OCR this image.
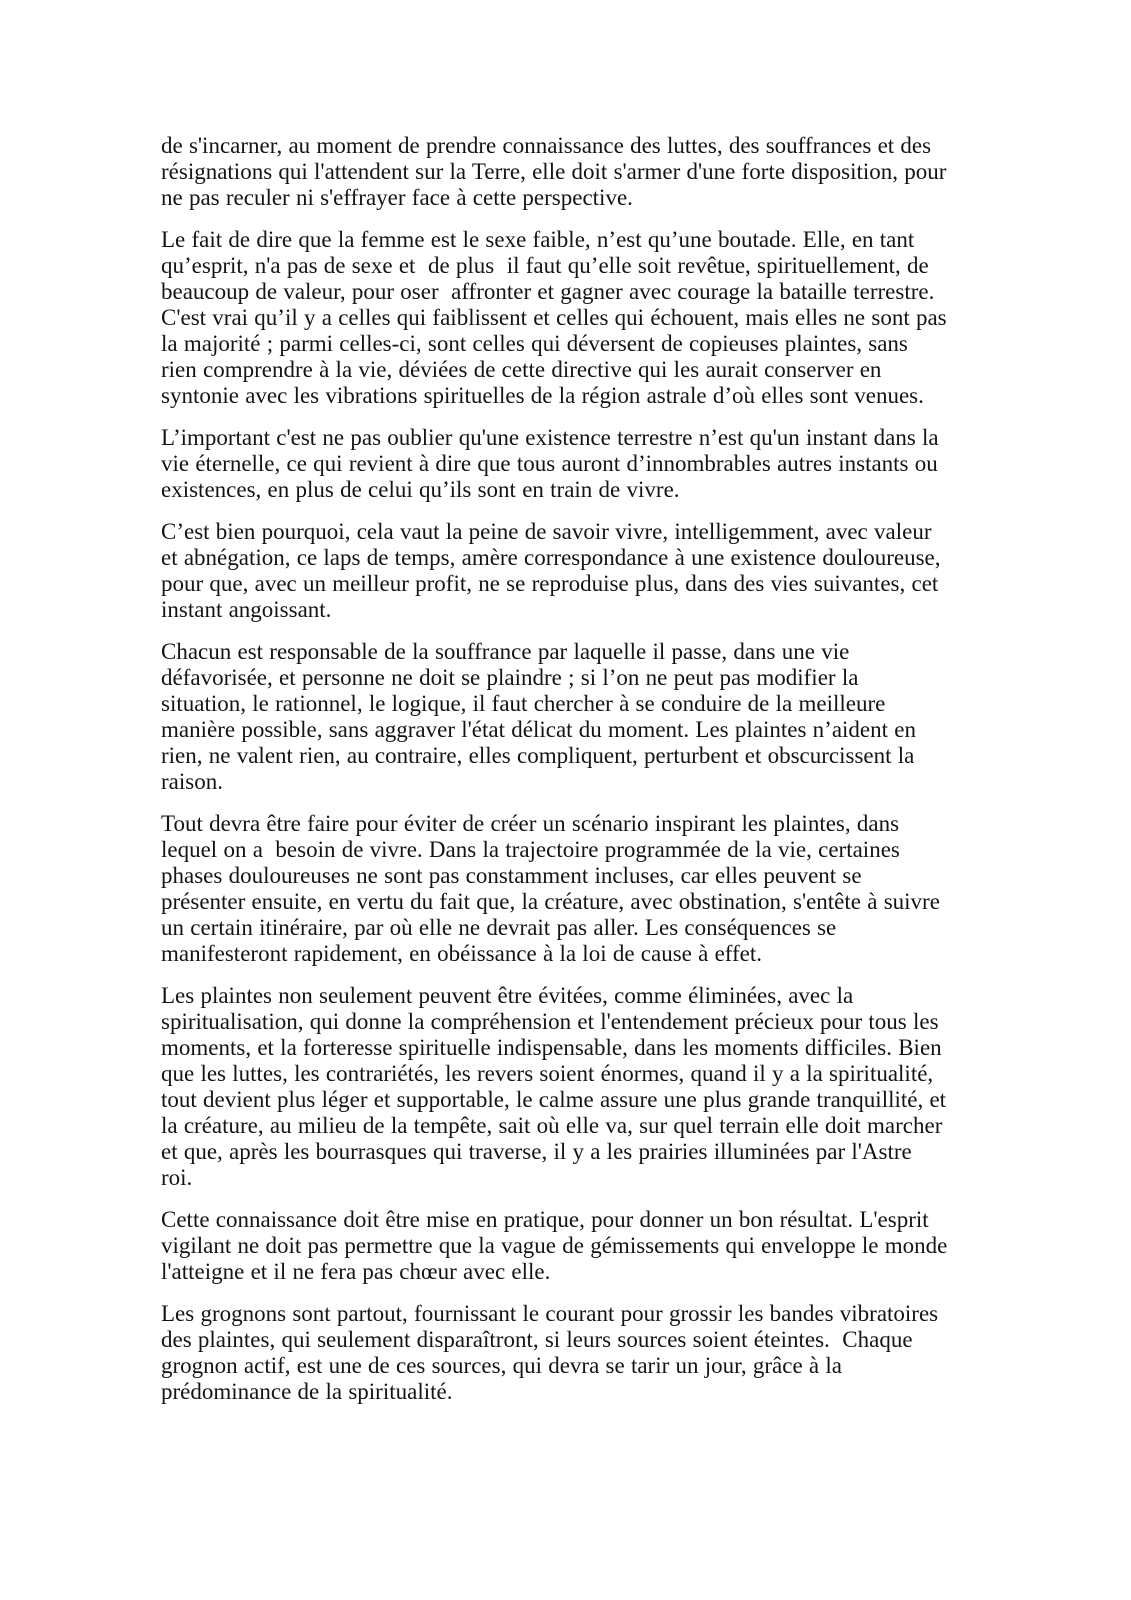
de s'incarner, au moment de prendre connaissance des luttes, des souffrances et des résignations qui l'attendent sur la Terre, elle doit s'armer d'une forte disposition, pour ne pas reculer ni s'effrayer face à cette perspective.

Le fait de dire que la femme est le sexe faible, n’est qu’une boutade. Elle, en tant qu’esprit, n'a pas de sexe et  de plus  il faut qu’elle soit revêtue, spirituellement, de beaucoup de valeur, pour oser  affronter et gagner avec courage la bataille terrestre. C'est vrai qu’il y a celles qui faiblissent et celles qui échouent, mais elles ne sont pas la majorité ; parmi celles-ci, sont celles qui déversent de copieuses plaintes, sans rien comprendre à la vie, déviées de cette directive qui les aurait conserver en syntonie avec les vibrations spirituelles de la région astrale d’où elles sont venues.

L’important c'est ne pas oublier qu'une existence terrestre n’est qu'un instant dans la vie éternelle, ce qui revient à dire que tous auront d’innombrables autres instants ou existences, en plus de celui qu’ils sont en train de vivre.

C’est bien pourquoi, cela vaut la peine de savoir vivre, intelligemment, avec valeur et abnégation, ce laps de temps, amère correspondance à une existence douloureuse, pour que, avec un meilleur profit, ne se reproduise plus, dans des vies suivantes, cet instant angoissant.

Chacun est responsable de la souffrance par laquelle il passe, dans une vie défavorisée, et personne ne doit se plaindre ; si l’on ne peut pas modifier la situation, le rationnel, le logique, il faut chercher à se conduire de la meilleure manière possible, sans aggraver l'état délicat du moment. Les plaintes n’aident en rien, ne valent rien, au contraire, elles compliquent, perturbent et obscurcissent la raison.

Tout devra être faire pour éviter de créer un scénario inspirant les plaintes, dans lequel on a  besoin de vivre. Dans la trajectoire programmée de la vie, certaines phases douloureuses ne sont pas constamment incluses, car elles peuvent se présenter ensuite, en vertu du fait que, la créature, avec obstination, s'entête à suivre un certain itinéraire, par où elle ne devrait pas aller. Les conséquences se manifesteront rapidement, en obéissance à la loi de cause à effet.

Les plaintes non seulement peuvent être évitées, comme éliminées, avec la spiritualisation, qui donne la compréhension et l'entendement précieux pour tous les moments, et la forteresse spirituelle indispensable, dans les moments difficiles. Bien que les luttes, les contrariétés, les revers soient énormes, quand il y a la spiritualité, tout devient plus léger et supportable, le calme assure une plus grande tranquillité, et la créature, au milieu de la tempête, sait où elle va, sur quel terrain elle doit marcher et que, après les bourrasques qui traverse, il y a les prairies illuminées par l'Astre roi.

Cette connaissance doit être mise en pratique, pour donner un bon résultat. L'esprit vigilant ne doit pas permettre que la vague de gémissements qui enveloppe le monde l'atteigne et il ne fera pas chœur avec elle.

Les grognons sont partout, fournissant le courant pour grossir les bandes vibratoires des plaintes, qui seulement disparaîtront, si leurs sources soient éteintes.  Chaque grognon actif, est une de ces sources, qui devra se tarir un jour, grâce à la prédominance de la spiritualité.
